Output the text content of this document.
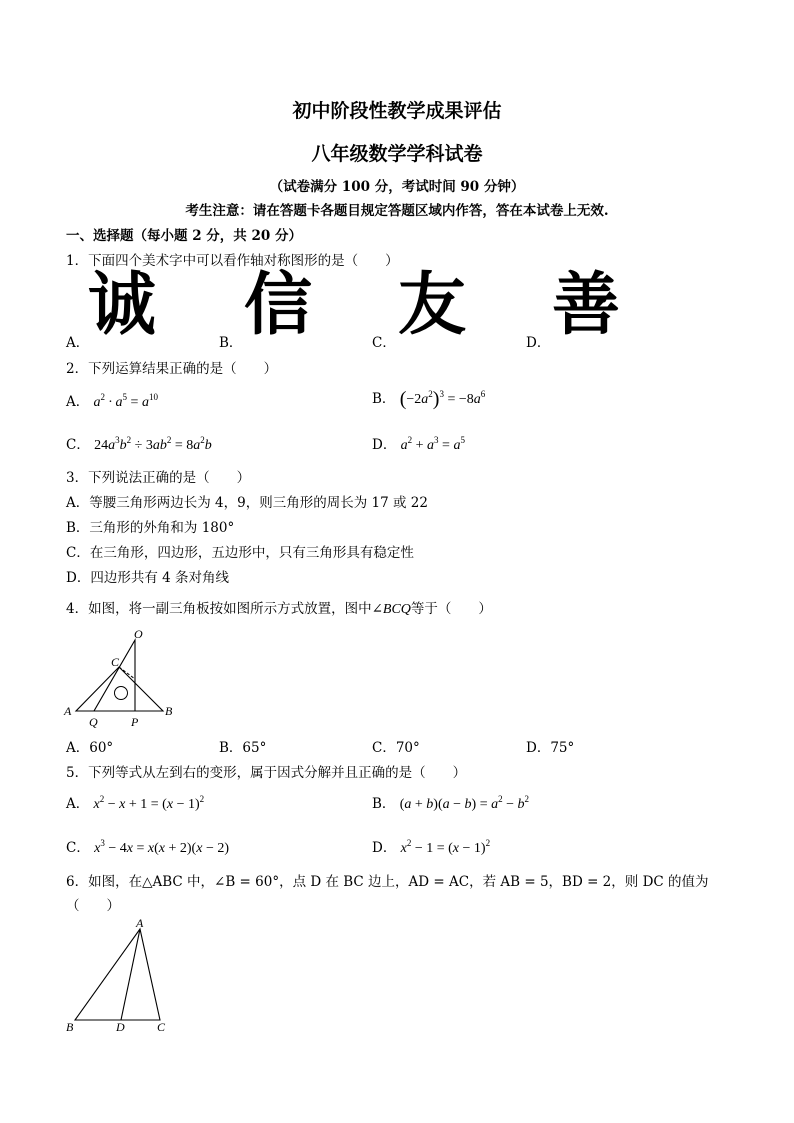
初中阶段性教学成果评估
八年级数学学科试卷
（试卷满分 100 分，考试时间 90 分钟）
考生注意：请在答题卡各题目规定答题区域内作答，答在本试卷上无效.
一、选择题（每小题 2 分，共 20 分）
1．下面四个美术字中可以看作轴对称图形的是（　　）
诚 信 友 善
A．	B．	C．	D．
2．下列运算结果正确的是（　　）
A． $a^2 \cdot a^5 = a^{10}$	B． $(-2a^2)^3 = -8a^6$
C． $24a^3b^2 \div 3ab^2 = 8a^2b$	D． $a^2 + a^3 = a^5$
3．下列说法正确的是（　　）
A．等腰三角形两边长为 4，9，则三角形的周长为 17 或 22
B．三角形的外角和为 180°
C．在三角形，四边形，五边形中，只有三角形具有稳定性
D．四边形共有 4 条对角线
4．如图，将一副三角板按如图所示方式放置，图中∠BCQ等于（　　）
O
C
A
Q	P
B
A．60°	B．65°	C．70°	D．75°
5．下列等式从左到右的变形，属于因式分解并且正确的是（　　）
A． $x^2 - x + 1 = (x - 1)^2$	B． $(a + b)(a - b) = a^2 - b^2$
C． $x^3 - 4x = x(x + 2)(x - 2)$	D． $x^2 - 1 = (x - 1)^2$
6．如图，在△ABC 中，∠B = 60°，点 D 在 BC 边上，AD = AC，若 AB = 5，BD = 2，则 DC 的值为
（　　）
A
B	D	C
